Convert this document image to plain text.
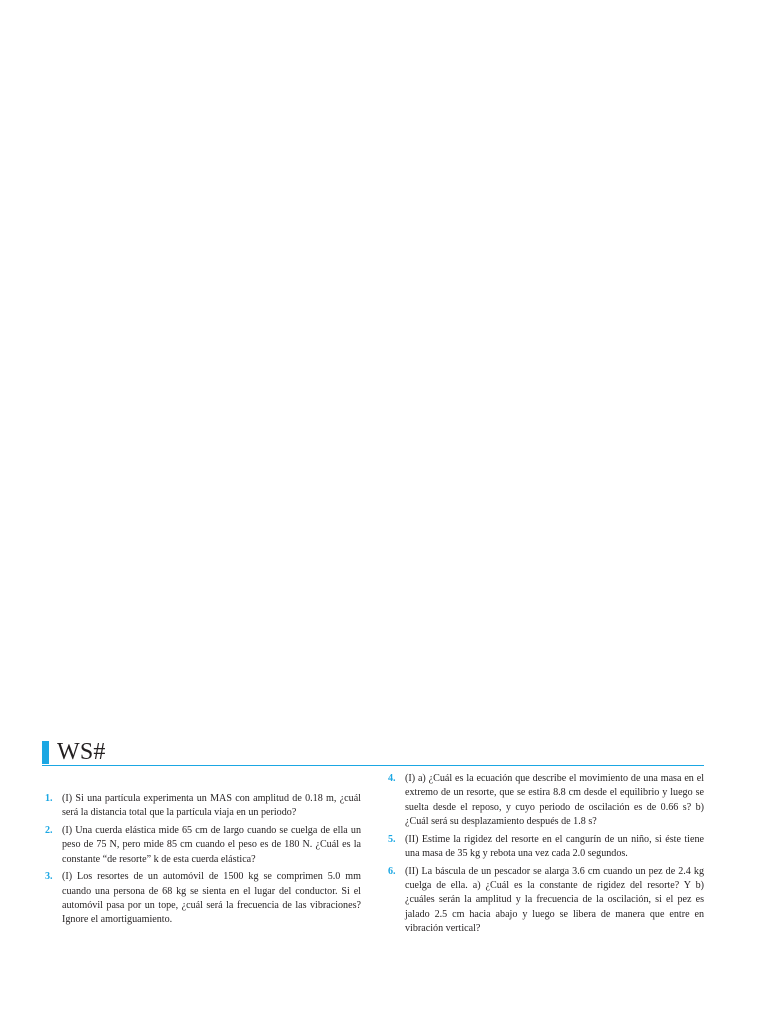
WS#
1. (I) Si una partícula experimenta un MAS con amplitud de 0.18 m, ¿cuál será la distancia total que la partícula viaja en un periodo?
2. (I) Una cuerda elástica mide 65 cm de largo cuando se cuelga de ella un peso de 75 N, pero mide 85 cm cuando el peso es de 180 N. ¿Cuál es la constante “de resorte” k de esta cuerda elástica?
3. (I) Los resortes de un automóvil de 1500 kg se comprimen 5.0 mm cuando una persona de 68 kg se sienta en el lugar del conductor. Si el automóvil pasa por un tope, ¿cuál será la frecuencia de las vibraciones? Ignore el amortiguamiento.
4. (I) a) ¿Cuál es la ecuación que describe el movimiento de una masa en el extremo de un resorte, que se estira 8.8 cm desde el equilibrio y luego se suelta desde el reposo, y cuyo periodo de oscilación es de 0.66 s? b) ¿Cuál será su desplazamiento después de 1.8 s?
5. (II) Estime la rigidez del resorte en el cangurín de un niño, si éste tiene una masa de 35 kg y rebota una vez cada 2.0 segundos.
6. (II) La báscula de un pescador se alarga 3.6 cm cuando un pez de 2.4 kg cuelga de ella. a) ¿Cuál es la constante de rigidez del resorte? Y b) ¿cuáles serán la amplitud y la frecuencia de la oscilación, si el pez es jalado 2.5 cm hacia abajo y luego se libera de manera que entre en vibración vertical?
